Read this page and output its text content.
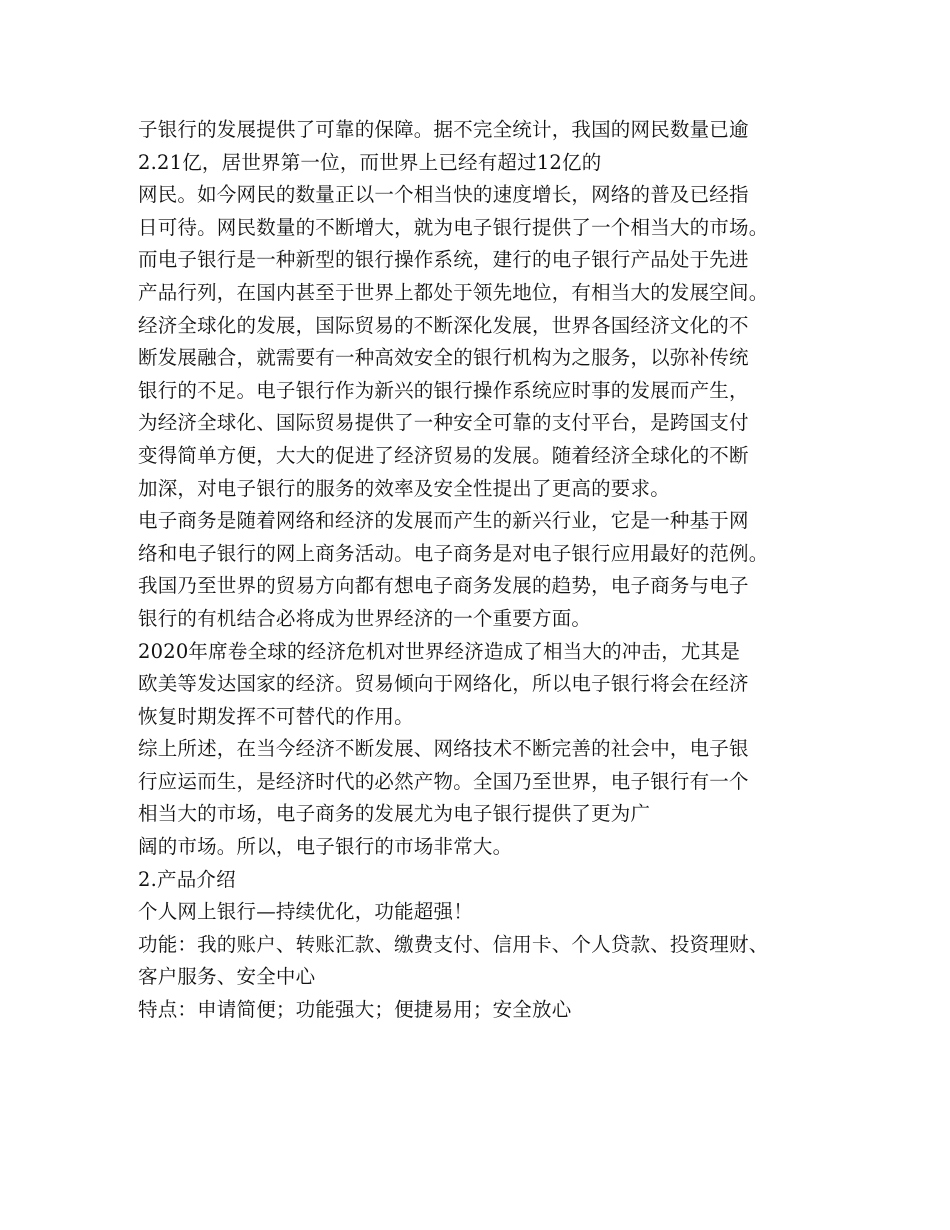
子银行的发展提供了可靠的保障。据不完全统计，我国的网民数量已逾
2.21亿，居世界第一位，而世界上已经有超过12亿的
网民。如今网民的数量正以一个相当快的速度增长，网络的普及已经指
日可待。网民数量的不断增大，就为电子银行提供了一个相当大的市场。
而电子银行是一种新型的银行操作系统，建行的电子银行产品处于先进
产品行列，在国内甚至于世界上都处于领先地位，有相当大的发展空间。
经济全球化的发展，国际贸易的不断深化发展，世界各国经济文化的不
断发展融合，就需要有一种高效安全的银行机构为之服务，以弥补传统
银行的不足。电子银行作为新兴的银行操作系统应时事的发展而产生，
为经济全球化、国际贸易提供了一种安全可靠的支付平台，是跨国支付
变得简单方便，大大的促进了经济贸易的发展。随着经济全球化的不断
加深，对电子银行的服务的效率及安全性提出了更高的要求。
电子商务是随着网络和经济的发展而产生的新兴行业，它是一种基于网
络和电子银行的网上商务活动。电子商务是对电子银行应用最好的范例。
我国乃至世界的贸易方向都有想电子商务发展的趋势，电子商务与电子
银行的有机结合必将成为世界经济的一个重要方面。
2020年席卷全球的经济危机对世界经济造成了相当大的冲击，尤其是
欧美等发达国家的经济。贸易倾向于网络化，所以电子银行将会在经济
恢复时期发挥不可替代的作用。
综上所述，在当今经济不断发展、网络技术不断完善的社会中，电子银
行应运而生，是经济时代的必然产物。全国乃至世界，电子银行有一个
相当大的市场，电子商务的发展尤为电子银行提供了更为广
阔的市场。所以，电子银行的市场非常大。
2.产品介绍
个人网上银行—持续优化，功能超强！
功能：我的账户、转账汇款、缴费支付、信用卡、个人贷款、投资理财、
客户服务、安全中心
特点：申请简便；功能强大；便捷易用；安全放心
